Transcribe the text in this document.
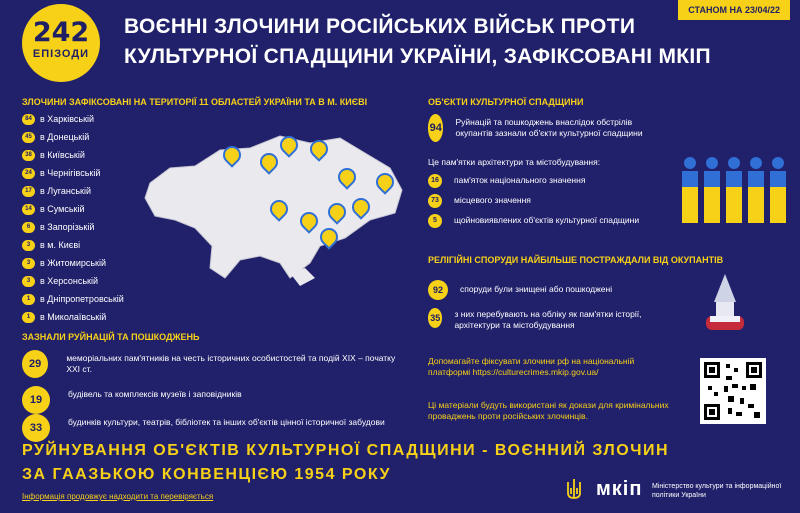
242
ЕПІЗОДИ
ВОЄННІ ЗЛОЧИНИ РОСІЙСЬКИХ ВІЙСЬК ПРОТИ
КУЛЬТУРНОЇ СПАДЩИНИ УКРАЇНИ, ЗАФІКСОВАНІ МКІП
СТАНОМ НА 23/04/22
ЗЛОЧИНИ ЗАФІКСОВАНІ НА ТЕРИТОРІЇ 11 ОБЛАСТЕЙ УКРАЇНИ ТА В М. КИЄВІ
84 в Харківській
45 в Донецькій
38 в Київській
24 в Чернігівській
17 в Луганській
14 в Сумській
6	в Запорізькій
3	в м. Києві
3	в Житомирській
3	в Херсонській
1	в Дніпропетровській
1	в Миколаївській
ЗАЗНАЛИ РУЙНАЦІЙ ТА ПОШКОДЖЕНЬ
29	меморіальних пам'ятників на честь історичних особистостей та подій XIX – початку XXI ст.
19	будівель та комплексів музеїв і заповідників
33	будинків культури, театрів, бібліотек та інших об'єктів цінної історичної забудови
ОБ'ЄКТИ КУЛЬТУРНОЇ СПАДЩИНИ
94 Руйнацій та пошкоджень внаслідок обстрілів окупантів зазнали об'єкти культурної спадщини
Це пам'ятки архітектури та містобудування:
16	пам'яток національного значення
73	місцевого значення
5	щойновиявлених об'єктів культурної спадщини
РЕЛІГІЙНІ СПОРУДИ НАЙБІЛЬШЕ ПОСТРАЖДАЛИ ВІД ОКУПАНТІВ
92	споруди були знищені або пошкоджені
35 з них перебувають на обліку як пам'ятки історії, архітектури та містобудування
Допомагайте фіксувати злочини рф на національній платформі https://culturecrimes.mkip.gov.ua/
Ці матеріали будуть використані як докази для кримінальних проваджень проти російських злочинців.
РУЙНУВАННЯ ОБ'ЄКТІВ КУЛЬТУРНОЇ СПАДЩИНИ - ВОЄННИЙ ЗЛОЧИН
ЗА ГААЗЬКОЮ КОНВЕНЦІЄЮ 1954 РОКУ
Інформація продовжує надходити та перевіряється	мкіп Міністерство культури та інформаційної політики України
